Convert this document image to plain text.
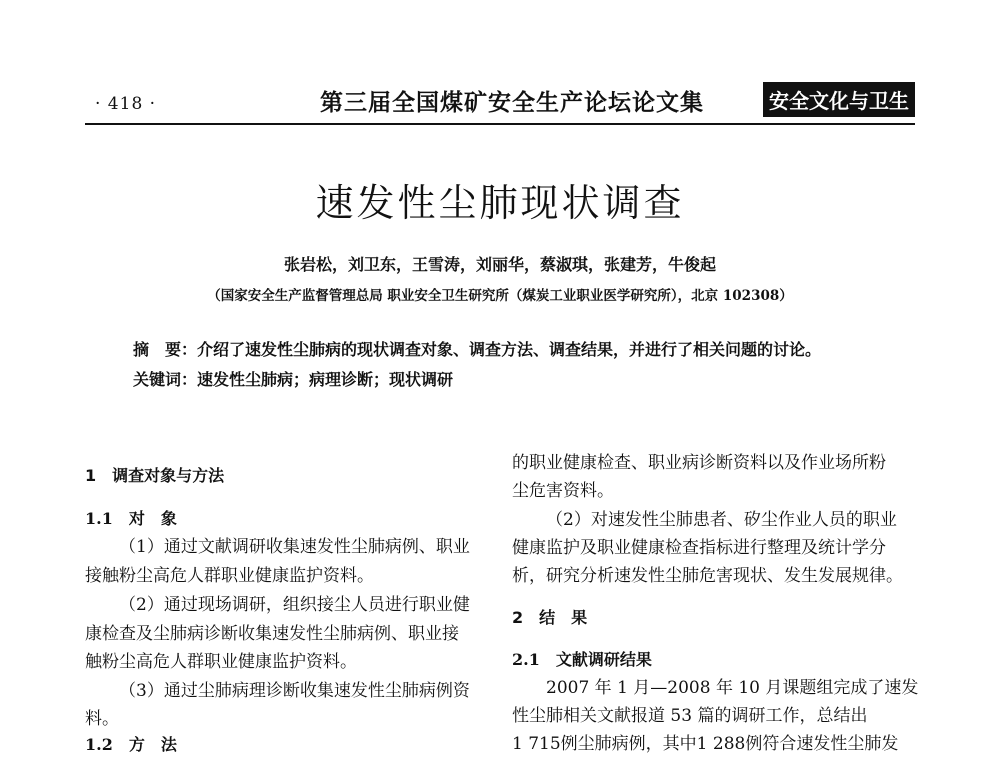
· 418 ·	第三届全国煤矿安全生产论坛论文集	安全文化与卫生
速发性尘肺现状调查
张岩松，刘卫东，王雪涛，刘丽华，蔡淑琪，张建芳，牛俊起
（国家安全生产监督管理总局 职业安全卫生研究所（煤炭工业职业医学研究所），北京 102308）
摘　要：介绍了速发性尘肺病的现状调查对象、调查方法、调查结果，并进行了相关问题的讨论。
关键词：速发性尘肺病；病理诊断；现状调研
1　调查对象与方法
1.1　对　象
（1）通过文献调研收集速发性尘肺病例、职业
接触粉尘高危人群职业健康监护资料。
（2）通过现场调研，组织接尘人员进行职业健
康检查及尘肺病诊断收集速发性尘肺病例、职业接
触粉尘高危人群职业健康监护资料。
（3）通过尘肺病理诊断收集速发性尘肺病例资
料。
1.2　方　法
的职业健康检查、职业病诊断资料以及作业场所粉
尘危害资料。
（2）对速发性尘肺患者、矽尘作业人员的职业
健康监护及职业健康检查指标进行整理及统计学分
析，研究分析速发性尘肺危害现状、发生发展规律。
2　结　果
2.1　文献调研结果
2007 年 1 月—2008 年 10 月课题组完成了速发
性尘肺相关文献报道 53 篇的调研工作，总结出
1 715例尘肺病例，其中1 288例符合速发性尘肺发
